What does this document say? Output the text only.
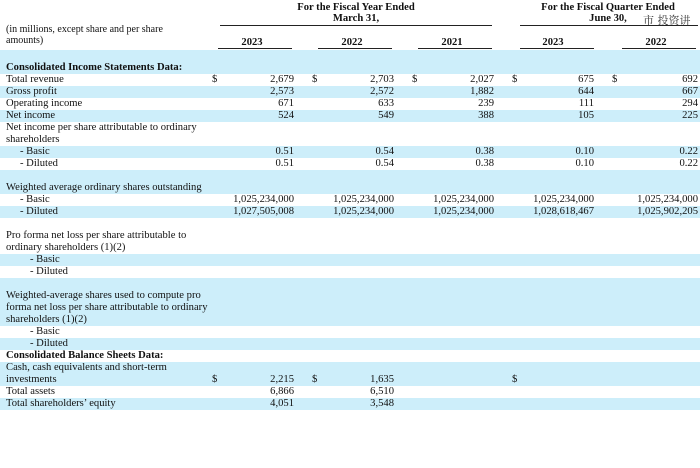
(in millions, except share and per share amounts)
For the Fiscal Year Ended
March 31,
For the Fiscal Quarter Ended
June 30,	市 投资讲
2023	2022	2021	2023	2022
Consolidated Income Statements Data:														
Total revenue	$	2,679		$	2,703		$	2,027		$	675		$	692
Gross profit		2,573			2,572			1,882			644			667
Operating income		671			633			239			111			294
Net income		524			549			388			105			225
Net income per share attributable to ordinary shareholders														
- Basic		0.51			0.54			0.38			0.10			0.22
- Diluted		0.51			0.54			0.38			0.10			0.22
Weighted average ordinary shares outstanding														
- Basic		1,025,234,000			1,025,234,000			1,025,234,000			1,025,234,000			1,025,234,000
- Diluted		1,027,505,008			1,025,234,000			1,025,234,000			1,028,618,467			1,025,902,205
Pro forma net loss per share attributable to ordinary shareholders (1)(2)														
- Basic														
- Diluted														
Weighted-average shares used to compute pro forma net loss per share attributable to ordinary shareholders (1)(2)														
- Basic														
- Diluted														
Consolidated Balance Sheets Data:														
Cash, cash equivalents and short-term investments	$	2,215		$	1,635					$				
Total assets		6,866			6,510									
Total shareholders’ equity		4,051			3,548									
